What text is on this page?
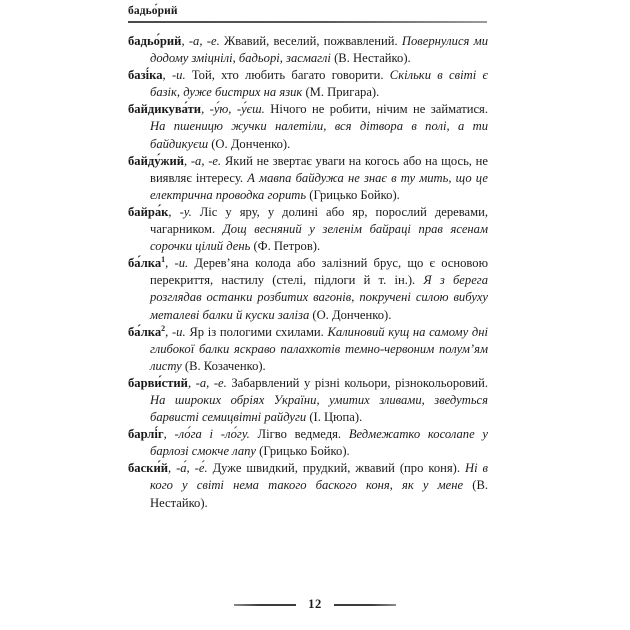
бадьо́рий

бадьо́рий, -а, -е. Жвавий, веселий, пожвавлений. Повернулися ми додому зміцнілі, бадьорі, засмаглі (В. Нестайко).

базі́ка, -и. Той, хто любить багато говорити. Скільки в світі є базік, дуже бистрих на язик (М. Пригара).

байдикува́ти, -у́ю, -у́єш. Нічого не робити, нічим не займатися. На пшеницю жучки налетіли, вся дітвора в полі, а ти байдикуєш (О. Донченко).

байду́жий, -а, -е. Який не звертає уваги на когось або на щось, не виявляє інтересу. А мавпа байдужа не знає в ту мить, що це електрична проводка горить (Грицько Бойко).

байра́к, -у. Ліс у яру, у долині або яр, порослий деревами, чагарником. Дощ весняний у зеленім байраці прав ясенам сорочки цілий день (Ф. Петров).

ба́лка$^1$, -и. Дерев’яна колода або залізний брус, що є основою перекриття, настилу (стелі, підлоги й т. ін.). Я з берега розглядав останки розбитих вагонів, покручені силою вибуху металеві балки й куски заліза (О. Донченко).

ба́лка$^2$, -и. Яр із пологими схилами. Калиновий кущ на самому дні глибокої балки яскраво палахкотів темно-червоним полум’ям листу (В. Козаченко).

барви́стий, -а, -е. Забарвлений у різні кольори, різнокольоровий. На широких обріях України, умитих зливами, зведуться барвисті семицвітні райдуги (І. Цюпа).

барлі́г, -ло́га і -ло́гу. Лігво ведмедя. Ведмежатко косолапе у барлозі смокче лапу (Грицько Бойко).

баски́й, -а́, -е́. Дуже швидкий, прудкий, жвавий (про коня). Ні в кого у світі нема такого баского коня, як у мене (В. Нестайко).

12
